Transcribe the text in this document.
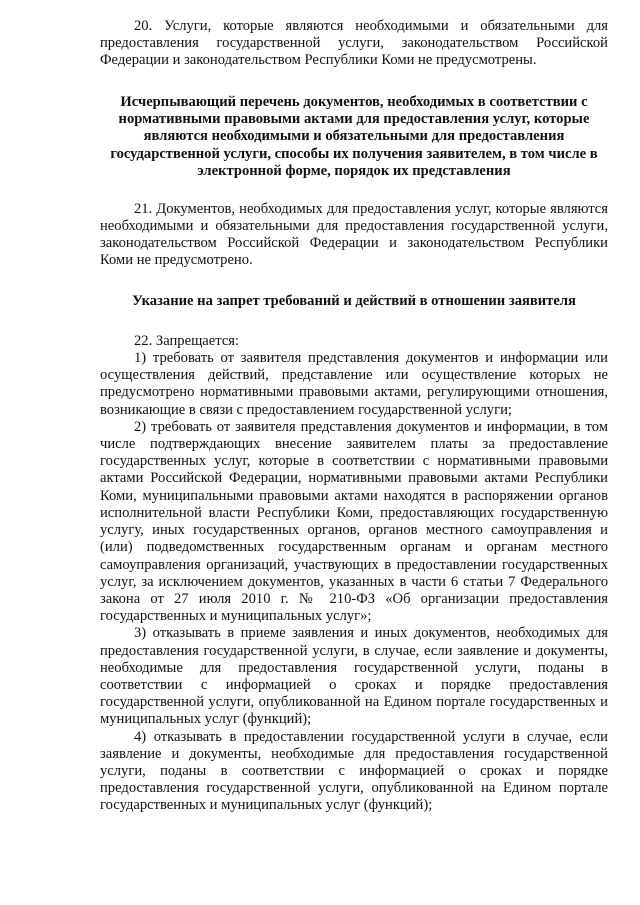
20. Услуги, которые являются необходимыми и обязательными для предоставления государственной услуги, законодательством Российской Федерации и законодательством Республики Коми не предусмотрены.

Исчерпывающий перечень документов, необходимых в соответствии с нормативными правовыми актами для предоставления услуг, которые являются необходимыми и обязательными для предоставления государственной услуги, способы их получения заявителем, в том числе в электронной форме, порядок их представления

21. Документов, необходимых для предоставления услуг, которые являются необходимыми и обязательными для предоставления государственной услуги, законодательством Российской Федерации и законодательством Республики Коми не предусмотрено.

Указание на запрет требований и действий в отношении заявителя

22. Запрещается:

1) требовать от заявителя представления документов и информации или осуществления действий, представление или осуществление которых не предусмотрено нормативными правовыми актами, регулирующими отношения, возникающие в связи с предоставлением государственной услуги;

2) требовать от заявителя представления документов и информации, в том числе подтверждающих внесение заявителем платы за предоставление государственных услуг, которые в соответствии с нормативными правовыми актами Российской Федерации, нормативными правовыми актами Республики Коми, муниципальными правовыми актами находятся в распоряжении органов исполнительной власти Республики Коми, предоставляющих государственную услугу, иных государственных органов, органов местного самоуправления и (или) подведомственных государственным органам и органам местного самоуправления организаций, участвующих в предоставлении государственных услуг, за исключением документов, указанных в части 6 статьи 7 Федерального закона от 27 июля 2010 г. № 210-ФЗ «Об организации предоставления государственных и муниципальных услуг»;

3) отказывать в приеме заявления и иных документов, необходимых для предоставления государственной услуги, в случае, если заявление и документы, необходимые для предоставления государственной услуги, поданы в соответствии с информацией о сроках и порядке предоставления государственной услуги, опубликованной на Едином портале государственных и муниципальных услуг (функций);

4) отказывать в предоставлении государственной услуги в случае, если заявление и документы, необходимые для предоставления государственной услуги, поданы в соответствии с информацией о сроках и порядке предоставления государственной услуги, опубликованной на Едином портале государственных и муниципальных услуг (функций);
